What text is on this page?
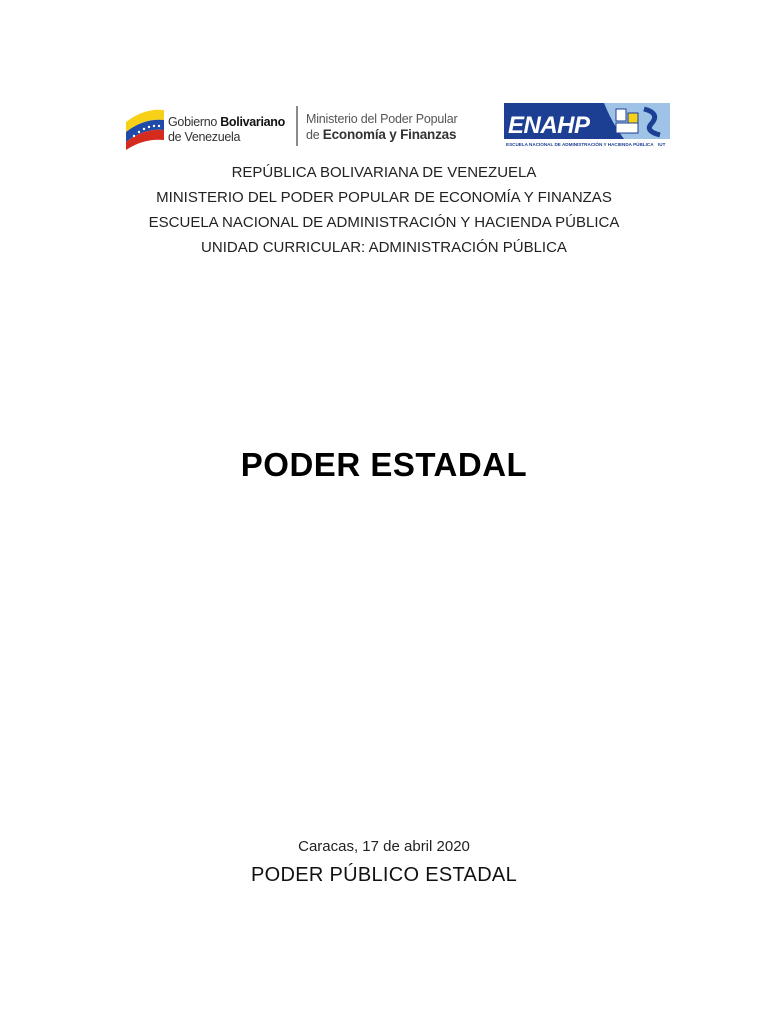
Gobierno Bolivariano
de Venezuela
Ministerio del Poder Popular
de Economía y Finanzas ENAHP
ESCUELA NACIONAL DE ADMINISTRACIÓN Y HACIENDA PÚBLICA IUT
REPÚBLICA BOLIVARIANA DE VENEZUELA
MINISTERIO DEL PODER POPULAR DE ECONOMÍA Y FINANZAS
ESCUELA NACIONAL DE ADMINISTRACIÓN Y HACIENDA PÚBLICA
UNIDAD CURRICULAR: ADMINISTRACIÓN PÚBLICA
PODER ESTADAL
Caracas, 17 de abril 2020
PODER PÚBLICO ESTADAL
